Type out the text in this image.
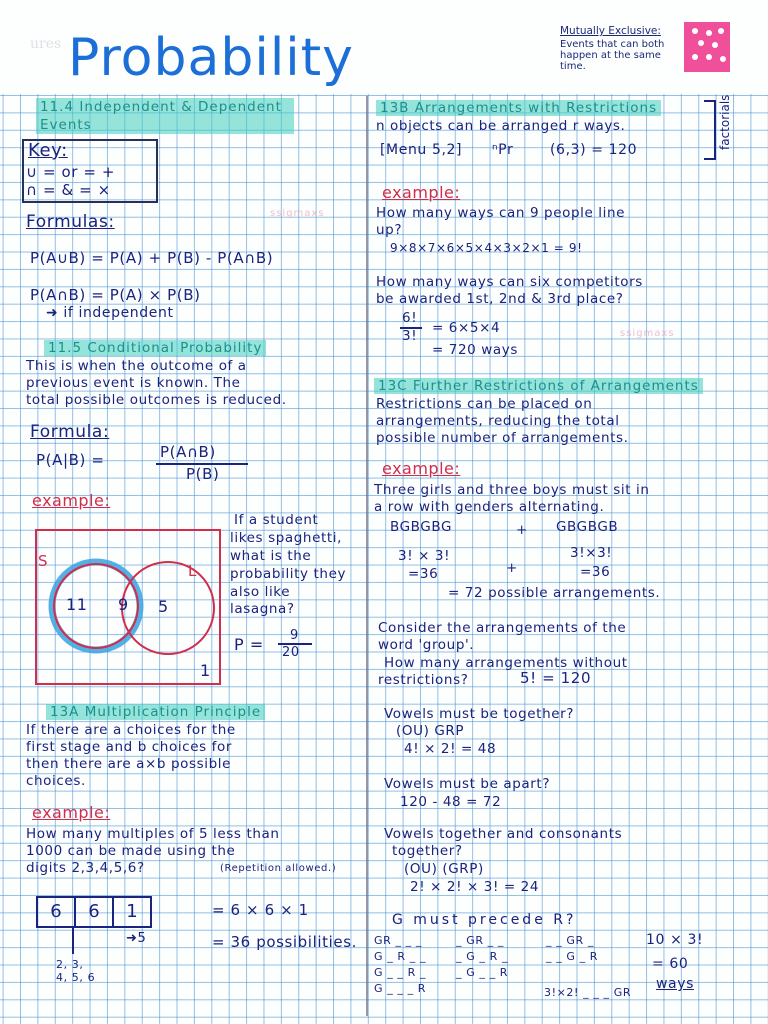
ures Probability	Mutually Exclusive:
Events that can both happen at the same time.
11.4 Independent & Dependent Events
Key:
∪ = or = +
∩ = & = ×
Formulas:
P(A∪B) = P(A) + P(B) - P(A∩B)
P(A∩B) = P(A) × P(B)
➜ if independent
ssigmaxs
11.5 Conditional Probability
This is when the outcome of a
previous event is known. The
total possible outcomes is reduced.
Formula:
P(A|B) =	P(A∩B)
P(B)
example:
S
L
11 9 5
1
If a student
likes spaghetti,
what is the
probability they
also like
lasagna?
P = 9
20
13A Multiplication Principle
If there are a choices for the
first stage and b choices for
then there are a×b possible
choices.
example:
How many multiples of 5 less than
1000 can be made using the
digits 2,3,4,5,6?	(Repetition allowed.)
6	6	1
➜5
2, 3, 4, 5, 6
= 6 × 6 × 1
= 36 possibilities.
13B Arrangements with Restrictions
n objects can be arranged r ways.
[Menu 5,2] ⁿPr	(6,3) = 120	factorials
example:
How many ways can 9 people line
up?
9×8×7×6×5×4×3×2×1 = 9!
How many ways can six competitors
be awarded 1st, 2nd & 3rd place?
6!
3! = 6×5×4
= 720 ways
ssigmaxs
13C Further Restrictions of Arrangements
Restrictions can be placed on
arrangements, reducing the total
possible number of arrangements.
example:
Three girls and three boys must sit in
a row with genders alternating.
BGBGBG	+ GBGBGB
3! × 3!
=36
3!×3!
=36
+
= 72 possible arrangements.
Consider the arrangements of the
word 'group'.
How many arrangements without
restrictions?	5! = 120
Vowels must be together?
(OU) GRP
4! × 2! = 48
Vowels must be apart?
120 - 48 = 72
Vowels together and consonants
together?
(OU) (GRP)
2! × 2! × 3! = 24
G must precede R?
GR _ _ _
G _ R _ _
G _ _ R _
G _ _ _ R
_ GR _ _
_ G _ R _
_ G _ _ R
_ _ GR _
_ _ G _ R
3!×2! _ _ _ GR
10 × 3!
= 60
ways
